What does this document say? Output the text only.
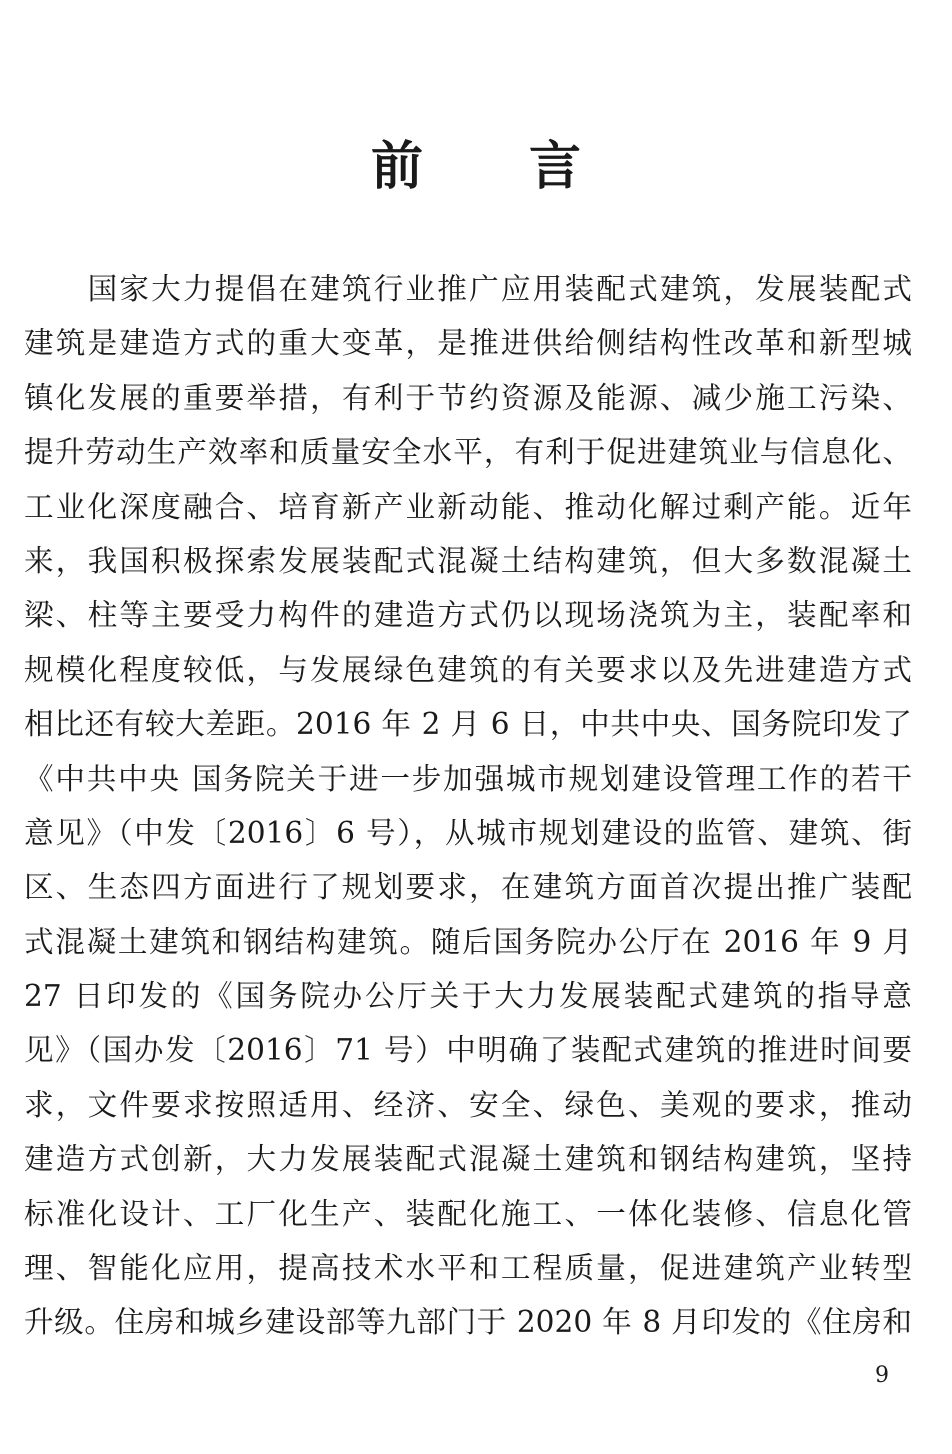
前 言
　　国家大力提倡在建筑行业推广应用装配式建筑，发展装配式
建筑是建造方式的重大变革，是推进供给侧结构性改革和新型城
镇化发展的重要举措，有利于节约资源及能源、减少施工污染、
提升劳动生产效率和质量安全水平，有利于促进建筑业与信息化、
工业化深度融合、培育新产业新动能、推动化解过剩产能。近年
来，我国积极探索发展装配式混凝土结构建筑，但大多数混凝土
梁、柱等主要受力构件的建造方式仍以现场浇筑为主，装配率和
规模化程度较低，与发展绿色建筑的有关要求以及先进建造方式
相比还有较大差距。2016 年 2 月 6 日，中共中央、国务院印发了
《中共中央 国务院关于进一步加强城市规划建设管理工作的若干
意见》（中发〔2016〕6 号），从城市规划建设的监管、建筑、街
区、生态四方面进行了规划要求，在建筑方面首次提出推广装配
式混凝土建筑和钢结构建筑。随后国务院办公厅在 2016 年 9 月
27 日印发的《国务院办公厅关于大力发展装配式建筑的指导意
见》（国办发〔2016〕71 号）中明确了装配式建筑的推进时间要
求，文件要求按照适用、经济、安全、绿色、美观的要求，推动
建造方式创新，大力发展装配式混凝土建筑和钢结构建筑，坚持
标准化设计、工厂化生产、装配化施工、一体化装修、信息化管
理、智能化应用，提高技术水平和工程质量，促进建筑产业转型
升级。住房和城乡建设部等九部门于 2020 年 8 月印发的《住房和
9
